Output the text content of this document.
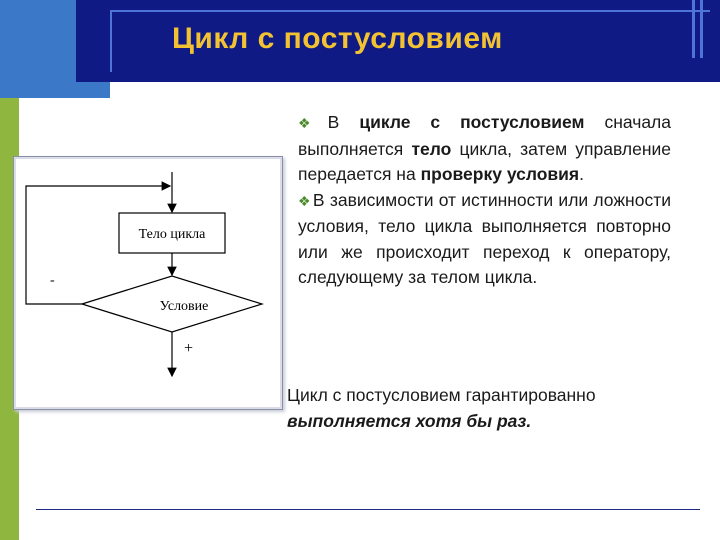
Цикл с постусловием
Тело цикла
Условие
-
+

❖ В цикле с постусловием сначала выполняется тело цикла, затем управление передается на проверку условия.

❖ В зависимости от истинности или ложности условия, тело цикла выполняется повторно или же происходит переход к оператору, следующему за телом цикла.

Цикл с постусловием гарантированно выполняется хотя бы раз.
